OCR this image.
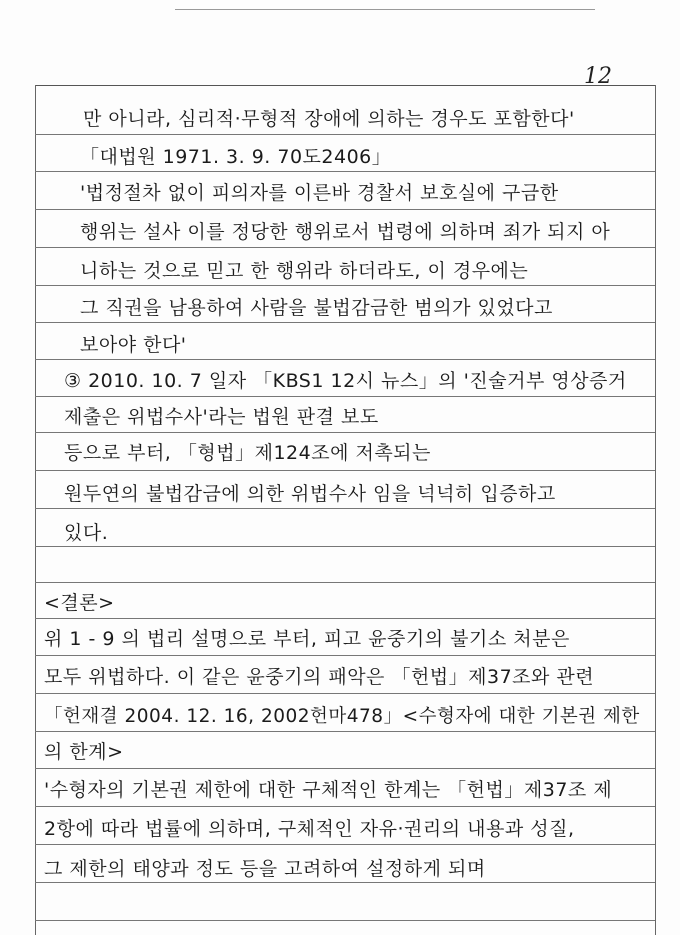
12
만 아니라, 심리적·무형적 장애에 의하는 경우도 포함한다'
「대법원 1971. 3. 9. 70도2406」
'법정절차 없이 피의자를 이른바 경찰서 보호실에 구금한
행위는 설사 이를 정당한 행위로서 법령에 의하며 죄가 되지 아
니하는 것으로 믿고 한 행위라 하더라도, 이 경우에는
그 직권을 남용하여 사람을 불법감금한 범의가 있었다고
보아야 한다'
③ 2010. 10. 7 일자 「KBS1 12시 뉴스」의 '진술거부 영상증거
제출은 위법수사'라는 법원 판결 보도
등으로 부터, 「형법」제124조에 저촉되는
원두연의 불법감금에 의한 위법수사 임을 넉넉히 입증하고
있다.
<결론>
위 1 - 9 의 법리 설명으로 부터, 피고 윤중기의 불기소 처분은
모두 위법하다. 이 같은 윤중기의 패악은 「헌법」제37조와 관련
「헌재결 2004. 12. 16, 2002헌마478」<수형자에 대한 기본권 제한
의 한계>
'수형자의 기본권 제한에 대한 구체적인 한계는 「헌법」제37조 제
2항에 따라 법률에 의하며, 구체적인 자유·권리의 내용과 성질,
그 제한의 태양과 정도 등을 고려하여 설정하게 되며
